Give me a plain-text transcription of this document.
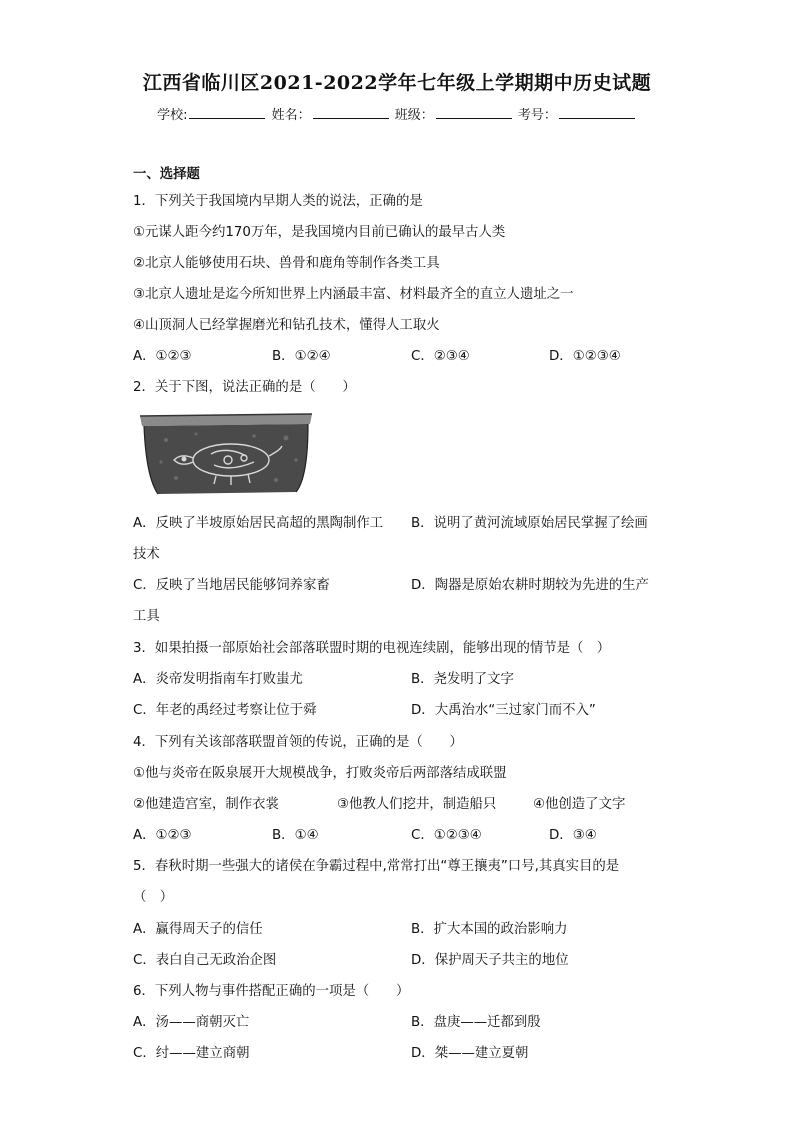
江西省临川区2021-2022学年七年级上学期期中历史试题
学校:	姓名：	班级：	考号：
一、选择题
1．下列关于我国境内早期人类的说法，正确的是
①元谋人距今约170万年，是我国境内目前已确认的最早古人类
②北京人能够使用石块、兽骨和鹿角等制作各类工具
③北京人遗址是迄今所知世界上内涵最丰富、材料最齐全的直立人遗址之一
④山顶洞人已经掌握磨光和钻孔技术，懂得人工取火
A．①②③	B．①②④	C．②③④	D．①②③④
2．关于下图，说法正确的是（　　）
A．反映了半坡原始居民高超的黑陶制作工 B．说明了黄河流域原始居民掌握了绘画
技术
C．反映了当地居民能够饲养家畜	D．陶器是原始农耕时期较为先进的生产
工具
3．如果拍摄一部原始社会部落联盟时期的电视连续剧，能够出现的情节是（　）
A．炎帝发明指南车打败蚩尤	B．尧发明了文字
C．年老的禹经过考察让位于舜	D．大禹治水“三过家门而不入”
4．下列有关该部落联盟首领的传说，正确的是（　　）
①他与炎帝在阪泉展开大规模战争，打败炎帝后两部落结成联盟
②他建造宫室，制作衣裳	③他教人们挖井，制造船只	④他创造了文字
A．①②③	B．①④	C．①②③④	D．③④
5．春秋时期一些强大的诸侯在争霸过程中,常常打出“尊王攘夷”口号,其真实目的是
（　）
A．赢得周天子的信任	B．扩大本国的政治影响力
C．表白自己无政治企图	D．保护周天子共主的地位
6．下列人物与事件搭配正确的一项是（　　）
A．汤——商朝灭亡	B．盘庚——迁都到殷
C．纣——建立商朝	D．桀——建立夏朝
